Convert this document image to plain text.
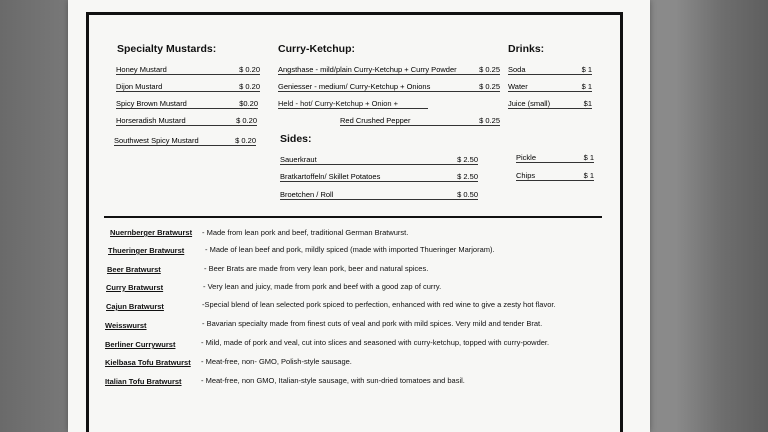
Specialty Mustards:
Honey Mustard	$ 0.20
Dijon Mustard	$ 0.20
Spicy Brown Mustard	$0.20
Horseradish Mustard	$ 0.20
Southwest Spicy Mustard	$ 0.20
Curry-Ketchup:
Angsthase - mild/plain Curry-Ketchup + Curry Powder	$ 0.25
Geniesser - medium/ Curry-Ketchup + Onions	$ 0.25
Held - hot/ Curry-Ketchup + Onion +
Red Crushed Pepper	$ 0.25
Drinks:
Soda	$ 1
Water	$ 1
Juice (small)	$1
Sides:
Sauerkraut	$ 2.50
Bratkartoffeln/ Skillet Potatoes	$ 2.50
Broetchen / Roll	$ 0.50
Pickle	$ 1
Chips	$ 1
Nuernberger Bratwurst - Made from lean pork and beef, traditional German Bratwurst.
Thueringer Bratwurst	- Made of lean beef and pork, mildly spiced (made with imported Thueringer Marjoram).
Beer Bratwurst	- Beer Brats are made from very lean pork, beer and natural spices.
Curry Bratwurst	- Very lean and juicy, made from pork and beef with a good zap of curry.
Cajun Bratwurst	-Special blend of lean selected pork spiced to perfection, enhanced with red wine to give a zesty hot flavor.
Weisswurst	- Bavarian specialty made from finest cuts of veal and pork with mild spices. Very mild and tender Brat.
Berliner Currywurst	- Mild, made of pork and veal, cut into slices and seasoned with curry-ketchup, topped with curry-powder.
Kielbasa Tofu Bratwurst - Meat-free, non- GMO, Polish-style sausage.
Italian Tofu Bratwurst	- Meat-free, non GMO, Italian-style sausage, with sun-dried tomatoes and basil.
